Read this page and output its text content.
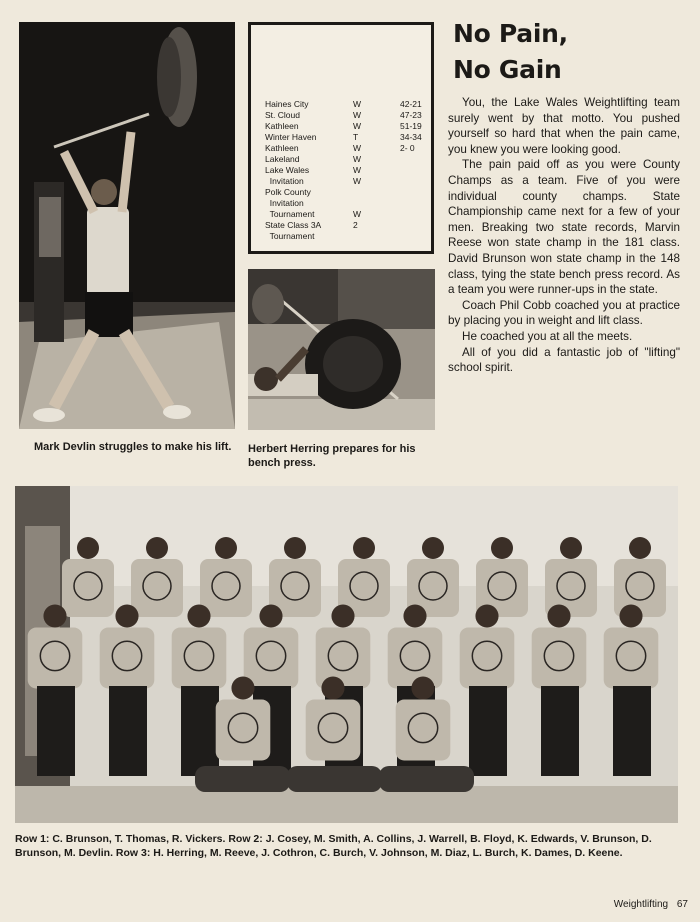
Mark Devlin struggles to make his lift.
Haines City	W	42-21
St. Cloud	W	47-23
Kathleen	W	51-19
Winter Haven	T	34-34
Kathleen	W	2- 0
Lakeland	W
Lake Wales	W
Invitation	W
Polk County
Invitation
Tournament	W
State Class 3A	2
Tournament
Herbert Herring prepares for his bench press.
No Pain,
No Gain

You, the Lake Wales Weightlifting team surely went by that motto. You pushed yourself so hard that when the pain came, you knew you were looking good.

The pain paid off as you were County Champs as a team. Five of you were individual county champs. State Championship came next for a few of your men. Breaking two state records, Marvin Reese won state champ in the 181 class. David Brunson won state champ in the 148 class, tying the state bench press record. As a team you were runner-ups in the state.

Coach Phil Cobb coached you at practice by placing you in weight and lift class.

He coached you at all the meets.

All of you did a fantastic job of "lifting" school spirit.

Row 1: C. Brunson, T. Thomas, R. Vickers. Row 2: J. Cosey, M. Smith, A. Collins, J. Warrell, B. Floyd, K. Edwards, V. Brunson, D. Brunson, M. Devlin. Row 3: H. Herring, M. Reeve, J. Cothron, C. Burch, V. Johnson, M. Diaz, L. Burch, K. Dames, D. Keene.
Weightlifting 67
